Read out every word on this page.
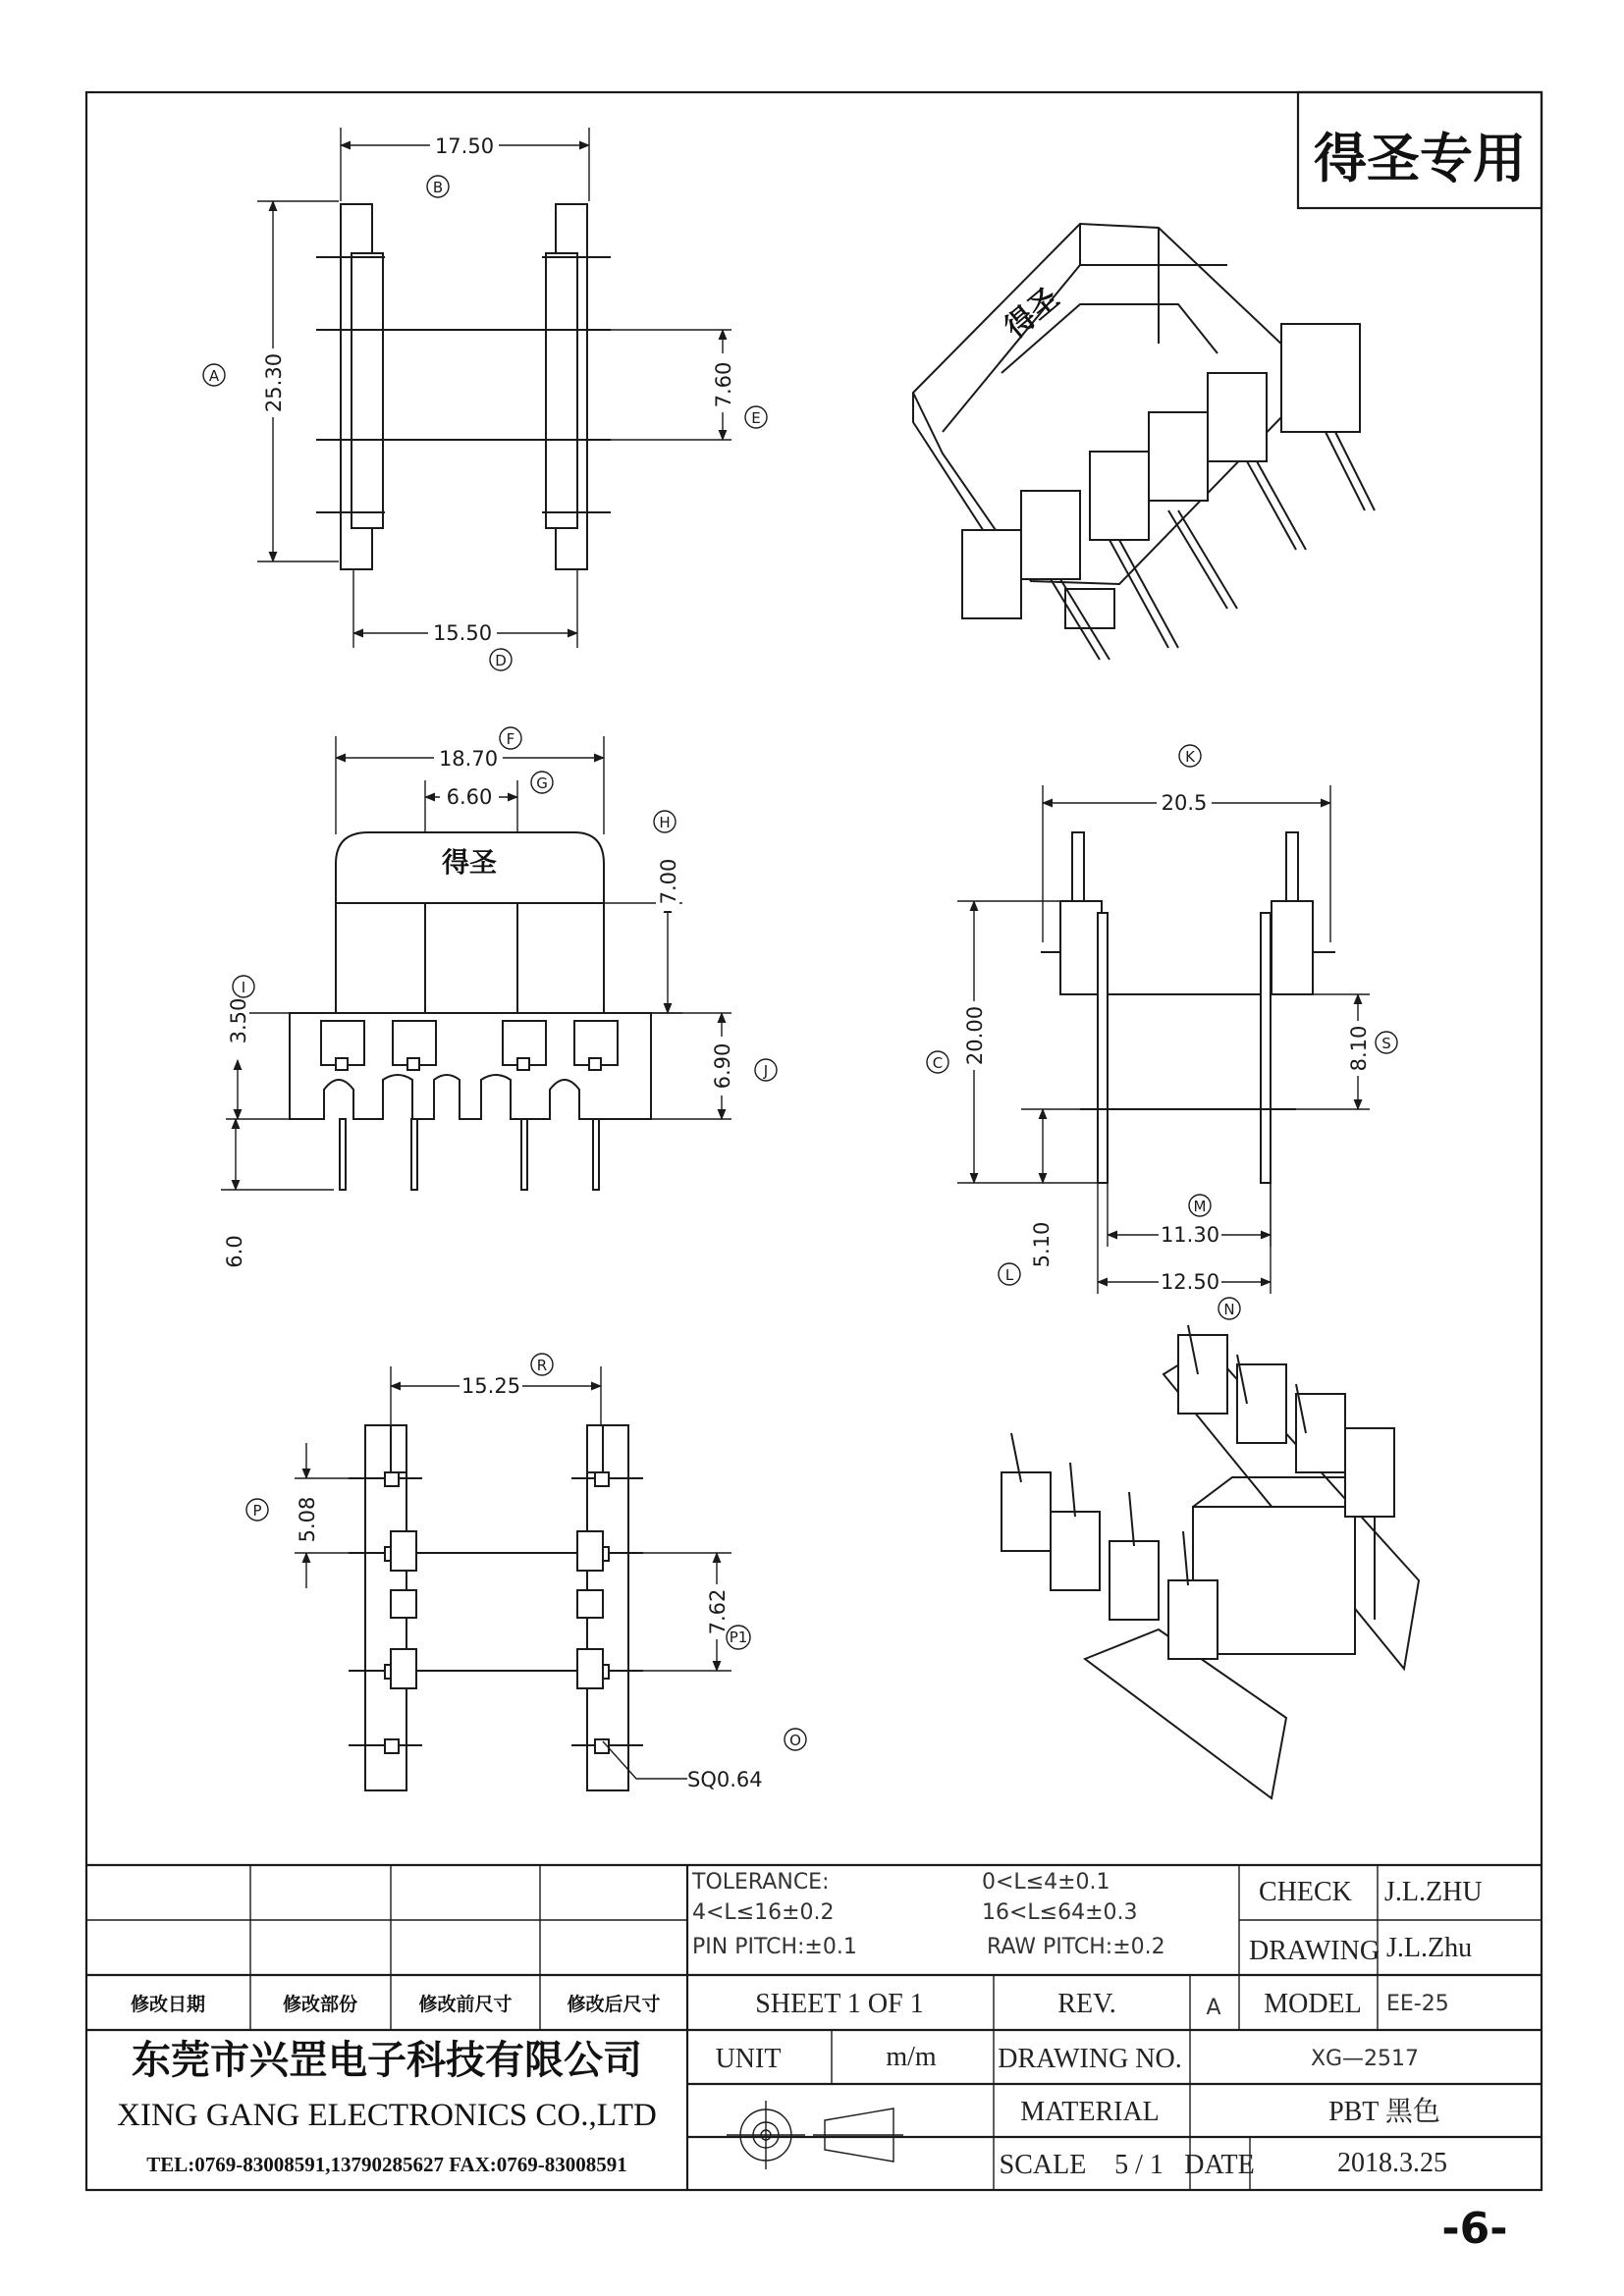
得圣专用
17.50
B
25.30
A	7.60
E
15.50
D
得圣
18.70
F
6.60
G
得圣	7.00
H
6.90 J
3.50
I
6.0
20.5
K
20.00
C	8.10 S
5.10
L
11.30
M
12.50
N
15.25
R
5.08
P
7.62
P1
O
SQ0.64
TOLERANCE:	0<L≤4±0.1
4<L≤16±0.2	16<L≤64±0.3
PIN PITCH:±0.1	RAW PITCH:±0.2
CHECK J.L.ZHU
DRAWING J.L.Zhu
修改日期	修改部份	修改前尺寸	修改后尺寸	SHEET 1 OF 1	REV.	A MODEL EE-25
东莞市兴罡电子科技有限公司
XING GANG ELECTRONICS CO.,LTD
TEL:0769-83008591,13790285627 FAX:0769-83008591
UNIT	m/m DRAWING NO.	XG—2517
MATERIAL	PBT 黑色
SCALE 5 / 1 DATE	2018.3.25
-6-
